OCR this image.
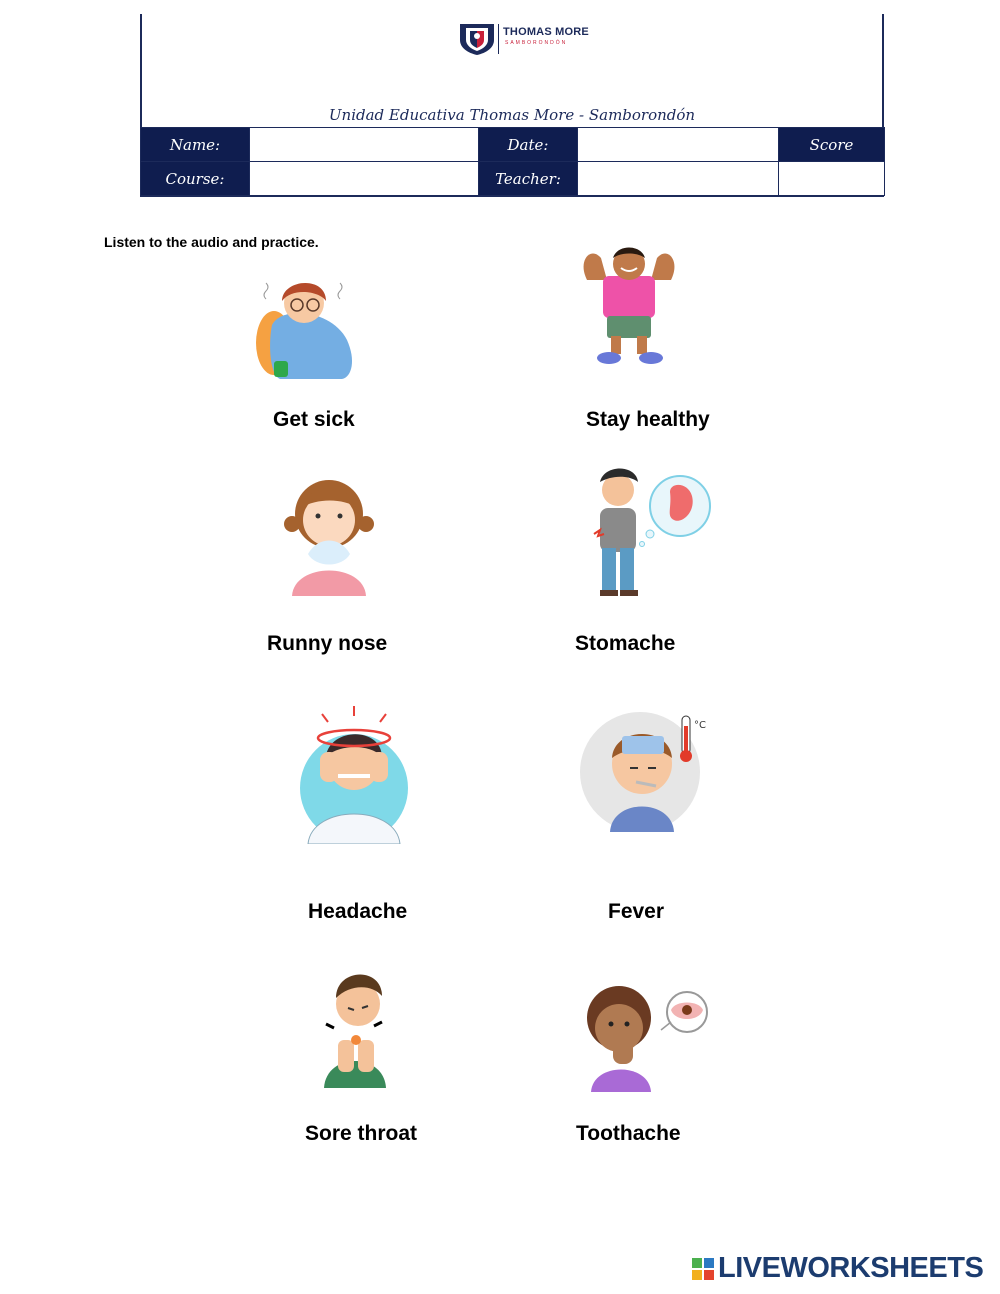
THOMAS MORE
SAMBORONDÓN
Unidad Educativa Thomas More - Samborondón
Name:		Date:		Score
Course:		Teacher:		
Listen to the audio and practice.
Get sick	Stay healthy
Runny nose	Stomache
Headache
°C
Fever
Sore throat	Toothache
LIVEWORKSHEETS
